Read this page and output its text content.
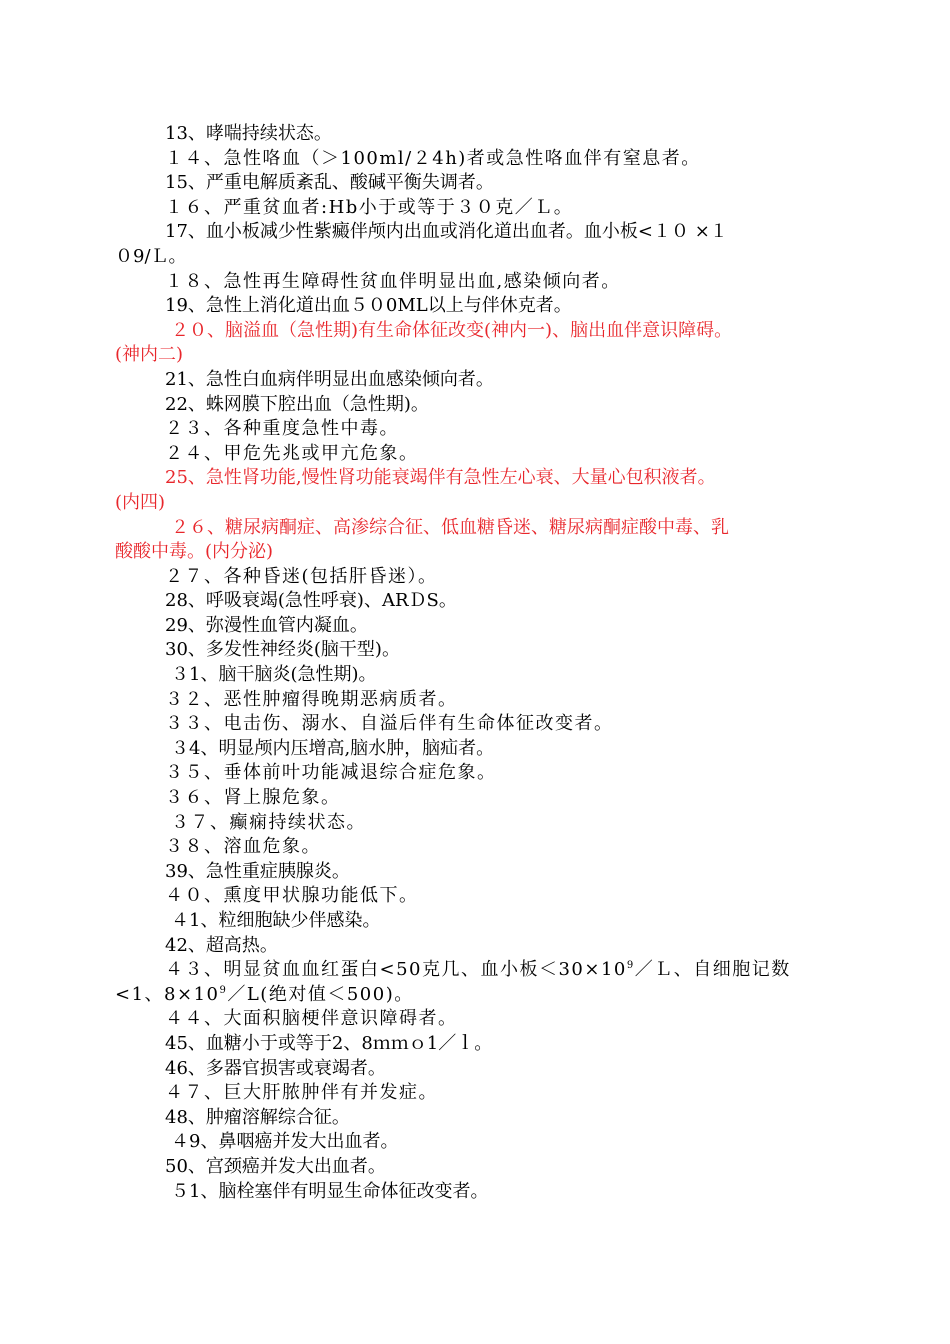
13、哮喘持续状态。
１４、急性咯血（＞100ml/２4h)者或急性咯血伴有窒息者。
15、严重电解质紊乱、酸碱平衡失调者。
１６、严重贫血者:Hb小于或等于３０克／Ｌ。
17、血小板减少性紫癜伴颅内出血或消化道出血者。血小板<１０ ×１
０9/Ｌ。
１８、急性再生障碍性贫血伴明显出血,感染倾向者。
19、急性上消化道出血５０0ML以上与伴休克者。
２０、脑溢血（急性期)有生命体征改变(神内一)、脑出血伴意识障碍。
(神内二)
21、急性白血病伴明显出血感染倾向者。
22、蛛网膜下腔出血（急性期)。
２３、各种重度急性中毒。
２４、甲危先兆或甲亢危象。
25、急性肾功能,慢性肾功能衰竭伴有急性左心衰、大量心包积液者。
(内四)
２６、糖尿病酮症、高渗综合征、低血糖昏迷、糖尿病酮症酸中毒、乳
酸酸中毒。(内分泌)
２７、各种昏迷(包括肝昏迷）。
28、呼吸衰竭(急性呼衰)、ARＤS。
29、弥漫性血管内凝血。
30、多发性神经炎(脑干型)。
３1、脑干脑炎(急性期)。
３２、恶性肿瘤得晚期恶病质者。
３３、电击伤、溺水、自溢后伴有生命体征改变者。
３4、明显颅内压增高,脑水肿，脑疝者。
３５、垂体前叶功能减退综合症危象。
３６、肾上腺危象。
３７、癫痫持续状态。
３８、溶血危象。
39、急性重症胰腺炎。
４０、熏度甲状腺功能低下。
４1、粒细胞缺少伴感染。
42、超高热。
４３、明显贫血血红蛋白<50克几、血小板$<30\times 10^9/L$、自细胞记数
<1、$8\times 10^9/L$(绝对值＜500)。
４４、大面积脑梗伴意识障碍者。
45、血糖小于或等于2、8ｍｍｏ1／ｌ。
46、多器官损害或衰竭者。
４７、巨大肝脓肿伴有并发症。
48、肿瘤溶解综合征。
４9、鼻咽癌并发大出血者。
50、宫颈癌并发大出血者。
５1、脑栓塞伴有明显生命体征改变者。
